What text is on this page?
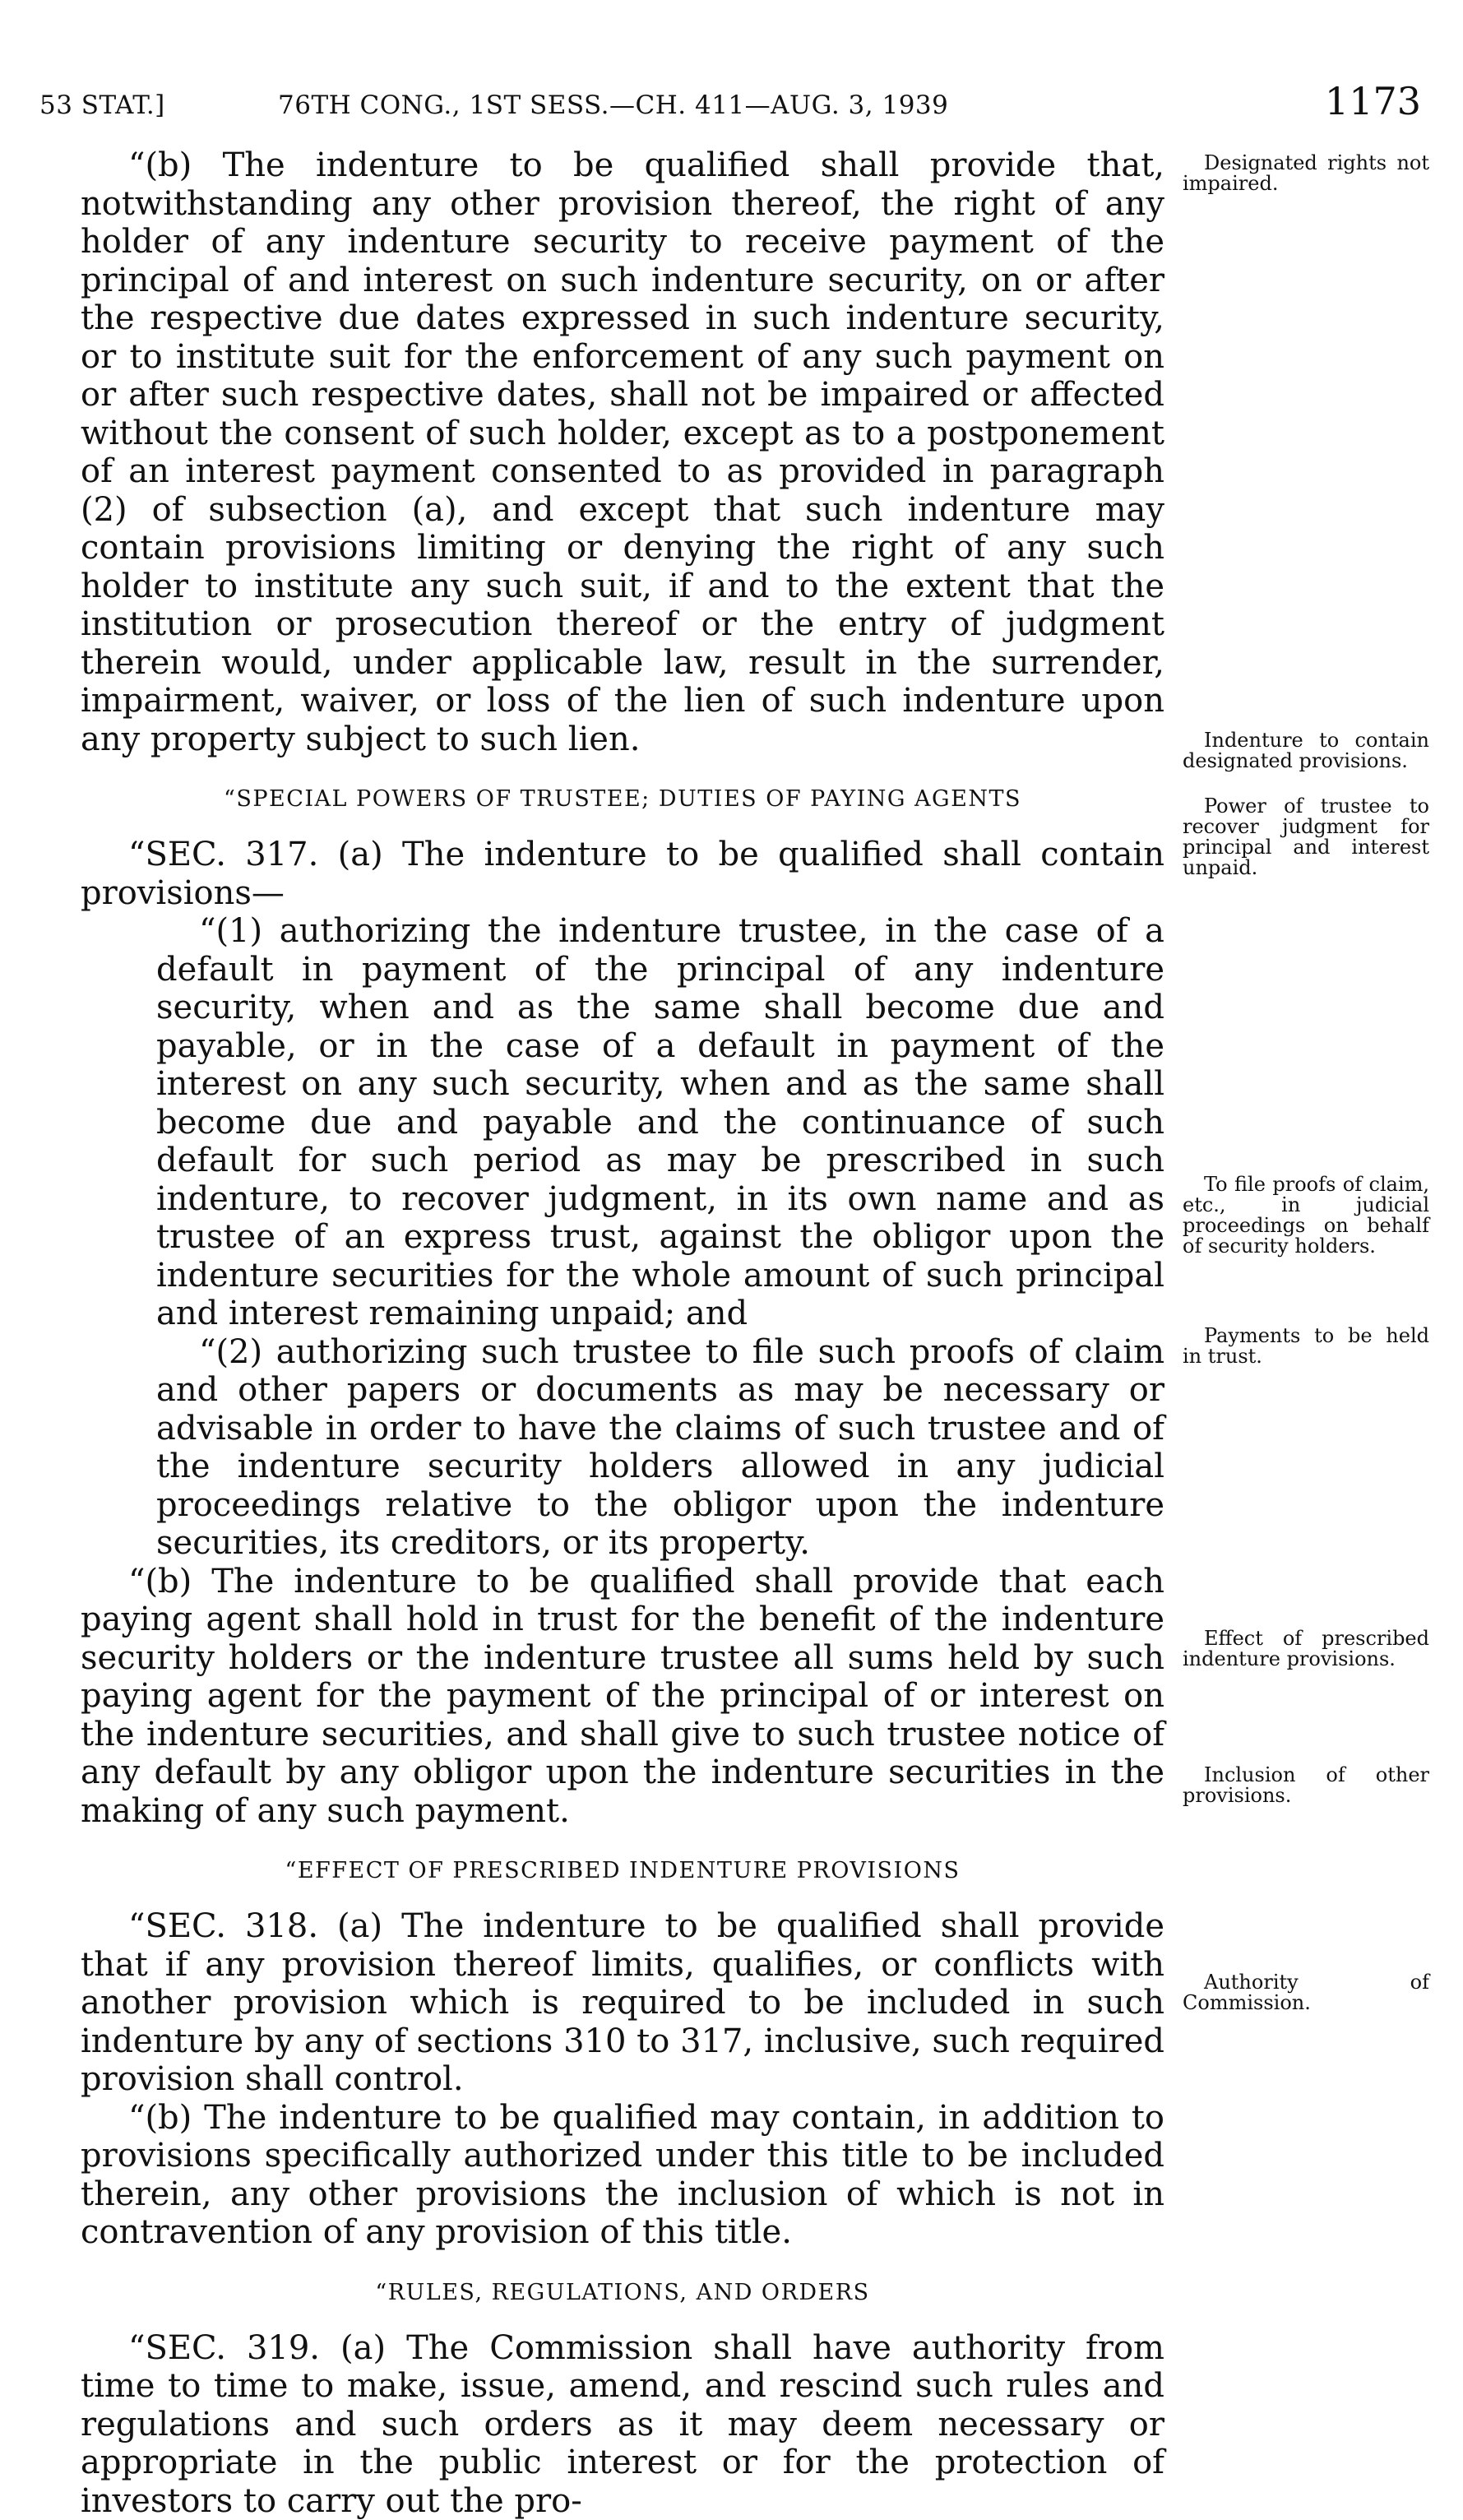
53 STAT.]	76TH CONG., 1ST SESS.—CH. 411—AUG. 3, 1939	1173

“(b) The indenture to be qualified shall provide that, notwithstanding any other provision thereof, the right of any holder of any indenture security to receive payment of the principal of and interest on such indenture security, on or after the respective due dates expressed in such indenture security, or to institute suit for the enforcement of any such payment on or after such respective dates, shall not be impaired or affected without the consent of such holder, except as to a postponement of an interest payment consented to as provided in paragraph (2) of subsection (a), and except that such indenture may contain provisions limiting or denying the right of any such holder to institute any such suit, if and to the extent that the institution or prosecution thereof or the entry of judgment therein would, under applicable law, result in the surrender, impairment, waiver, or loss of the lien of such indenture upon any property subject to such lien.

“SPECIAL POWERS OF TRUSTEE; DUTIES OF PAYING AGENTS

“SEC. 317. (a) The indenture to be qualified shall contain provisions—

“(1) authorizing the indenture trustee, in the case of a default in payment of the principal of any indenture security, when and as the same shall become due and payable, or in the case of a default in payment of the interest on any such security, when and as the same shall become due and payable and the continuance of such default for such period as may be prescribed in such indenture, to recover judgment, in its own name and as trustee of an express trust, against the obligor upon the indenture securities for the whole amount of such principal and interest remaining unpaid; and

“(2) authorizing such trustee to file such proofs of claim and other papers or documents as may be necessary or advisable in order to have the claims of such trustee and of the indenture security holders allowed in any judicial proceedings relative to the obligor upon the indenture securities, its creditors, or its property.

“(b) The indenture to be qualified shall provide that each paying agent shall hold in trust for the benefit of the indenture security holders or the indenture trustee all sums held by such paying agent for the payment of the principal of or interest on the indenture securities, and shall give to such trustee notice of any default by any obligor upon the indenture securities in the making of any such payment.

“EFFECT OF PRESCRIBED INDENTURE PROVISIONS

“SEC. 318. (a) The indenture to be qualified shall provide that if any provision thereof limits, qualifies, or conflicts with another provision which is required to be included in such indenture by any of sections 310 to 317, inclusive, such required provision shall control.

“(b) The indenture to be qualified may contain, in addition to provisions specifically authorized under this title to be included therein, any other provisions the inclusion of which is not in contravention of any provision of this title.

“RULES, REGULATIONS, AND ORDERS

“SEC. 319. (a) The Commission shall have authority from time to time to make, issue, amend, and rescind such rules and regulations and such orders as it may deem necessary or appropriate in the public interest or for the protection of investors to carry out the pro-

Designated rights not impaired.
Indenture to contain designated provisions.
Power of trustee to recover judgment for principal and interest unpaid.
To file proofs of claim, etc., in judicial proceedings on behalf of security holders.
Payments to be held in trust.
Effect of prescribed indenture provisions.
Inclusion of other provisions.
Authority of Commission.
